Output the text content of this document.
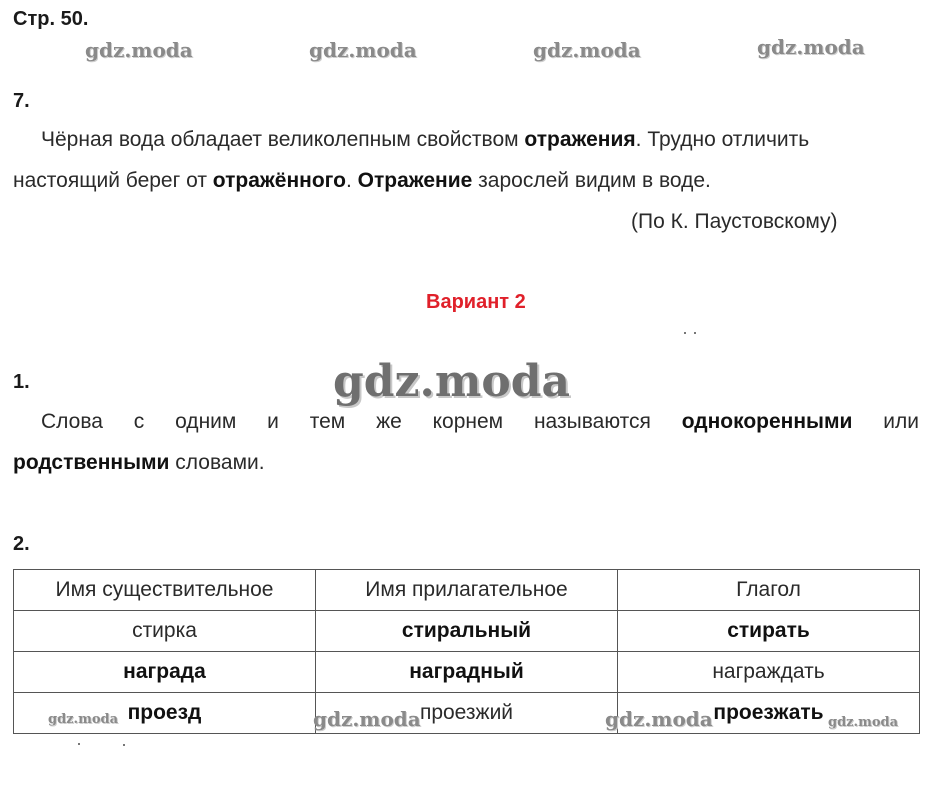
Стр. 50.
gdz.moda	gdz.moda	gdz.moda	gdz.moda
7.
Чёрная вода обладает великолепным свойством отражения. Трудно отличить
настоящий берег от отражённого. Отражение зарослей видим в воде.
(По К. Паустовскому)
Вариант 2
gdz.moda
1.
Слова с одним и тем же корнем называются однокоренными или
родственными словами.
2.
Имя существительное	Имя прилагательное	Глагол
стирка	стиральный	стирать
награда	наградный	награждать
проезд	проезжий	проезжать
gdz.moda	gdz.moda	gdz.moda	gdz.moda
